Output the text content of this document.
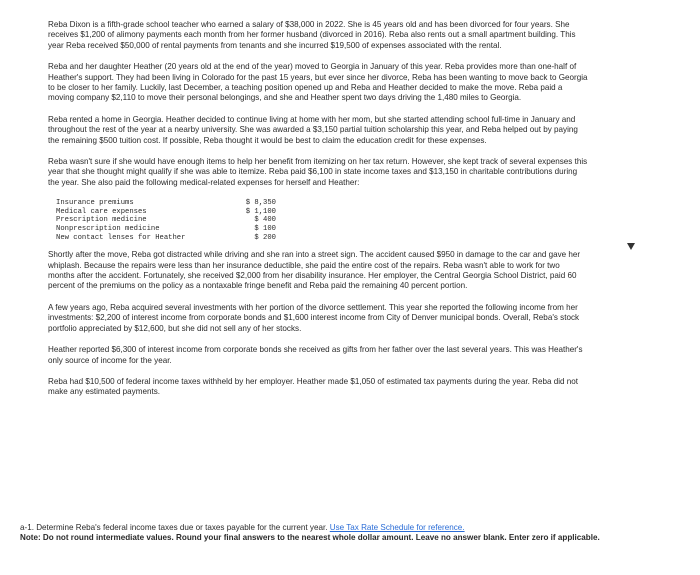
Reba Dixon is a fifth-grade school teacher who earned a salary of $38,000 in 2022. She is 45 years old and has been divorced for four years. She receives $1,200 of alimony payments each month from her former husband (divorced in 2016). Reba also rents out a small apartment building. This year Reba received $50,000 of rental payments from tenants and she incurred $19,500 of expenses associated with the rental.

Reba and her daughter Heather (20 years old at the end of the year) moved to Georgia in January of this year. Reba provides more than one-half of Heather's support. They had been living in Colorado for the past 15 years, but ever since her divorce, Reba has been wanting to move back to Georgia to be closer to her family. Luckily, last December, a teaching position opened up and Reba and Heather decided to make the move. Reba paid a moving company $2,110 to move their personal belongings, and she and Heather spent two days driving the 1,480 miles to Georgia.

Reba rented a home in Georgia. Heather decided to continue living at home with her mom, but she started attending school full-time in January and throughout the rest of the year at a nearby university. She was awarded a $3,150 partial tuition scholarship this year, and Reba helped out by paying the remaining $500 tuition cost. If possible, Reba thought it would be best to claim the education credit for these expenses.

Reba wasn't sure if she would have enough items to help her benefit from itemizing on her tax return. However, she kept track of several expenses this year that she thought might qualify if she was able to itemize. Reba paid $6,100 in state income taxes and $13,150 in charitable contributions during the year. She also paid the following medical-related expenses for herself and Heather:

Insurance premiums	$ 8,350
Medical care expenses	$ 1,100
Prescription medicine	$ 400
Nonprescription medicine	$ 100
New contact lenses for Heather	$ 200

Shortly after the move, Reba got distracted while driving and she ran into a street sign. The accident caused $950 in damage to the car and gave her whiplash. Because the repairs were less than her insurance deductible, she paid the entire cost of the repairs. Reba wasn't able to work for two months after the accident. Fortunately, she received $2,000 from her disability insurance. Her employer, the Central Georgia School District, paid 60 percent of the premiums on the policy as a nontaxable fringe benefit and Reba paid the remaining 40 percent portion.

A few years ago, Reba acquired several investments with her portion of the divorce settlement. This year she reported the following income from her investments: $2,200 of interest income from corporate bonds and $1,600 interest income from City of Denver municipal bonds. Overall, Reba's stock portfolio appreciated by $12,600, but she did not sell any of her stocks.

Heather reported $6,300 of interest income from corporate bonds she received as gifts from her father over the last several years. This was Heather's only source of income for the year.

Reba had $10,500 of federal income taxes withheld by her employer. Heather made $1,050 of estimated tax payments during the year. Reba did not make any estimated payments.

a-1. Determine Reba's federal income taxes due or taxes payable for the current year. Use Tax Rate Schedule for reference.
Note: Do not round intermediate values. Round your final answers to the nearest whole dollar amount. Leave no answer blank. Enter zero if applicable.
